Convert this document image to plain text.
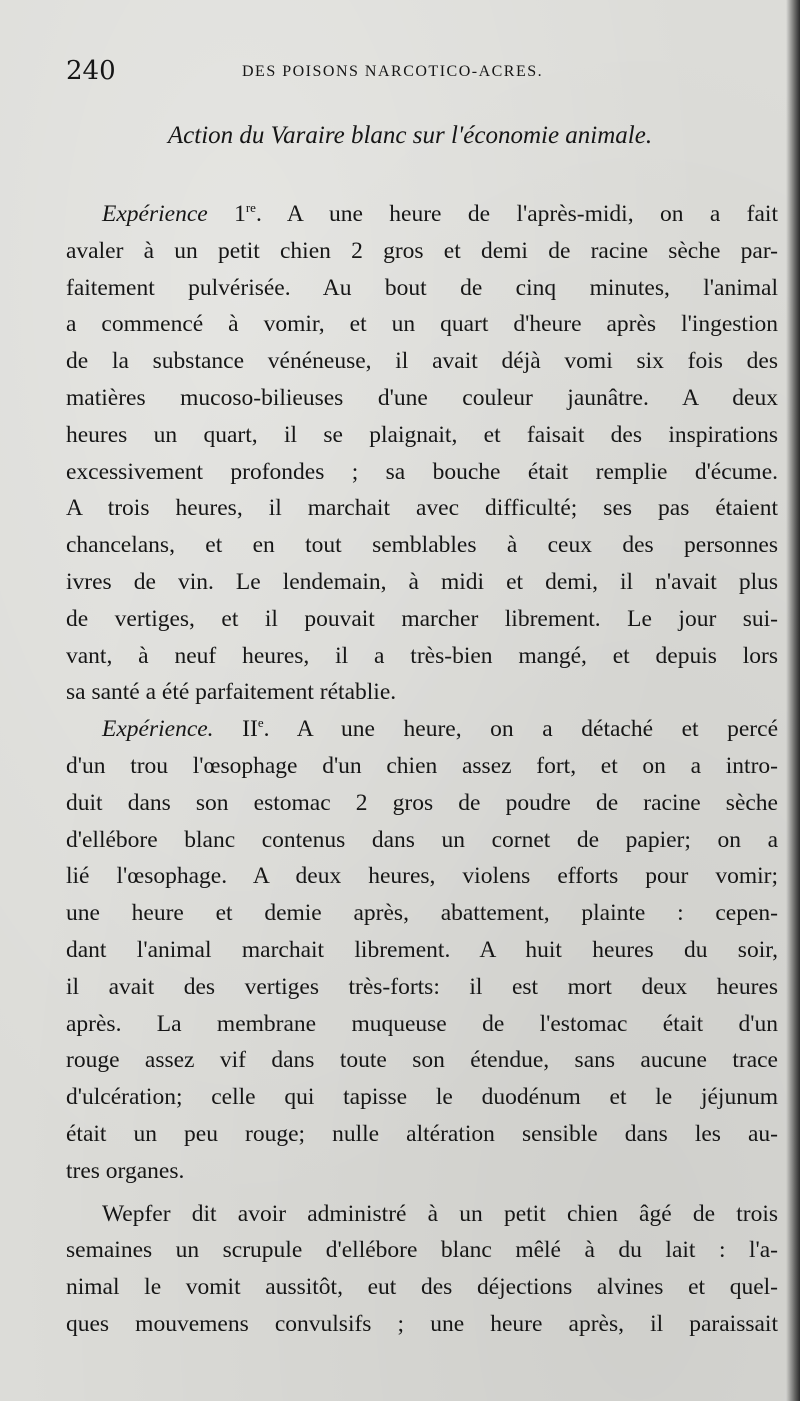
240	DES POISONS NARCOTICO-ACRES.
Action du Varaire blanc sur l'économie animale.
Expérience 1re. A une heure de l'après-midi, on a fait
avaler à un petit chien 2 gros et demi de racine sèche par-
faitement pulvérisée. Au bout de cinq minutes, l'animal
a commencé à vomir, et un quart d'heure après l'ingestion
de la substance vénéneuse, il avait déjà vomi six fois des
matières mucoso-bilieuses d'une couleur jaunâtre. A deux
heures un quart, il se plaignait, et faisait des inspirations
excessivement profondes ; sa bouche était remplie d'écume.
A trois heures, il marchait avec difficulté; ses pas étaient
chancelans, et en tout semblables à ceux des personnes
ivres de vin. Le lendemain, à midi et demi, il n'avait plus
de vertiges, et il pouvait marcher librement. Le jour sui-
vant, à neuf heures, il a très-bien mangé, et depuis lors
sa santé a été parfaitement rétablie.
Expérience. IIe. A une heure, on a détaché et percé
d'un trou l'œsophage d'un chien assez fort, et on a intro-
duit dans son estomac 2 gros de poudre de racine sèche
d'ellébore blanc contenus dans un cornet de papier; on a
lié l'œsophage. A deux heures, violens efforts pour vomir;
une heure et demie après, abattement, plainte : cepen-
dant l'animal marchait librement. A huit heures du soir,
il avait des vertiges très-forts: il est mort deux heures
après. La membrane muqueuse de l'estomac était d'un
rouge assez vif dans toute son étendue, sans aucune trace
d'ulcération; celle qui tapisse le duodénum et le jéjunum
était un peu rouge; nulle altération sensible dans les au-
tres organes.
Wepfer dit avoir administré à un petit chien âgé de trois
semaines un scrupule d'ellébore blanc mêlé à du lait : l'a-
nimal le vomit aussitôt, eut des déjections alvines et quel-
ques mouvemens convulsifs ; une heure après, il paraissait
